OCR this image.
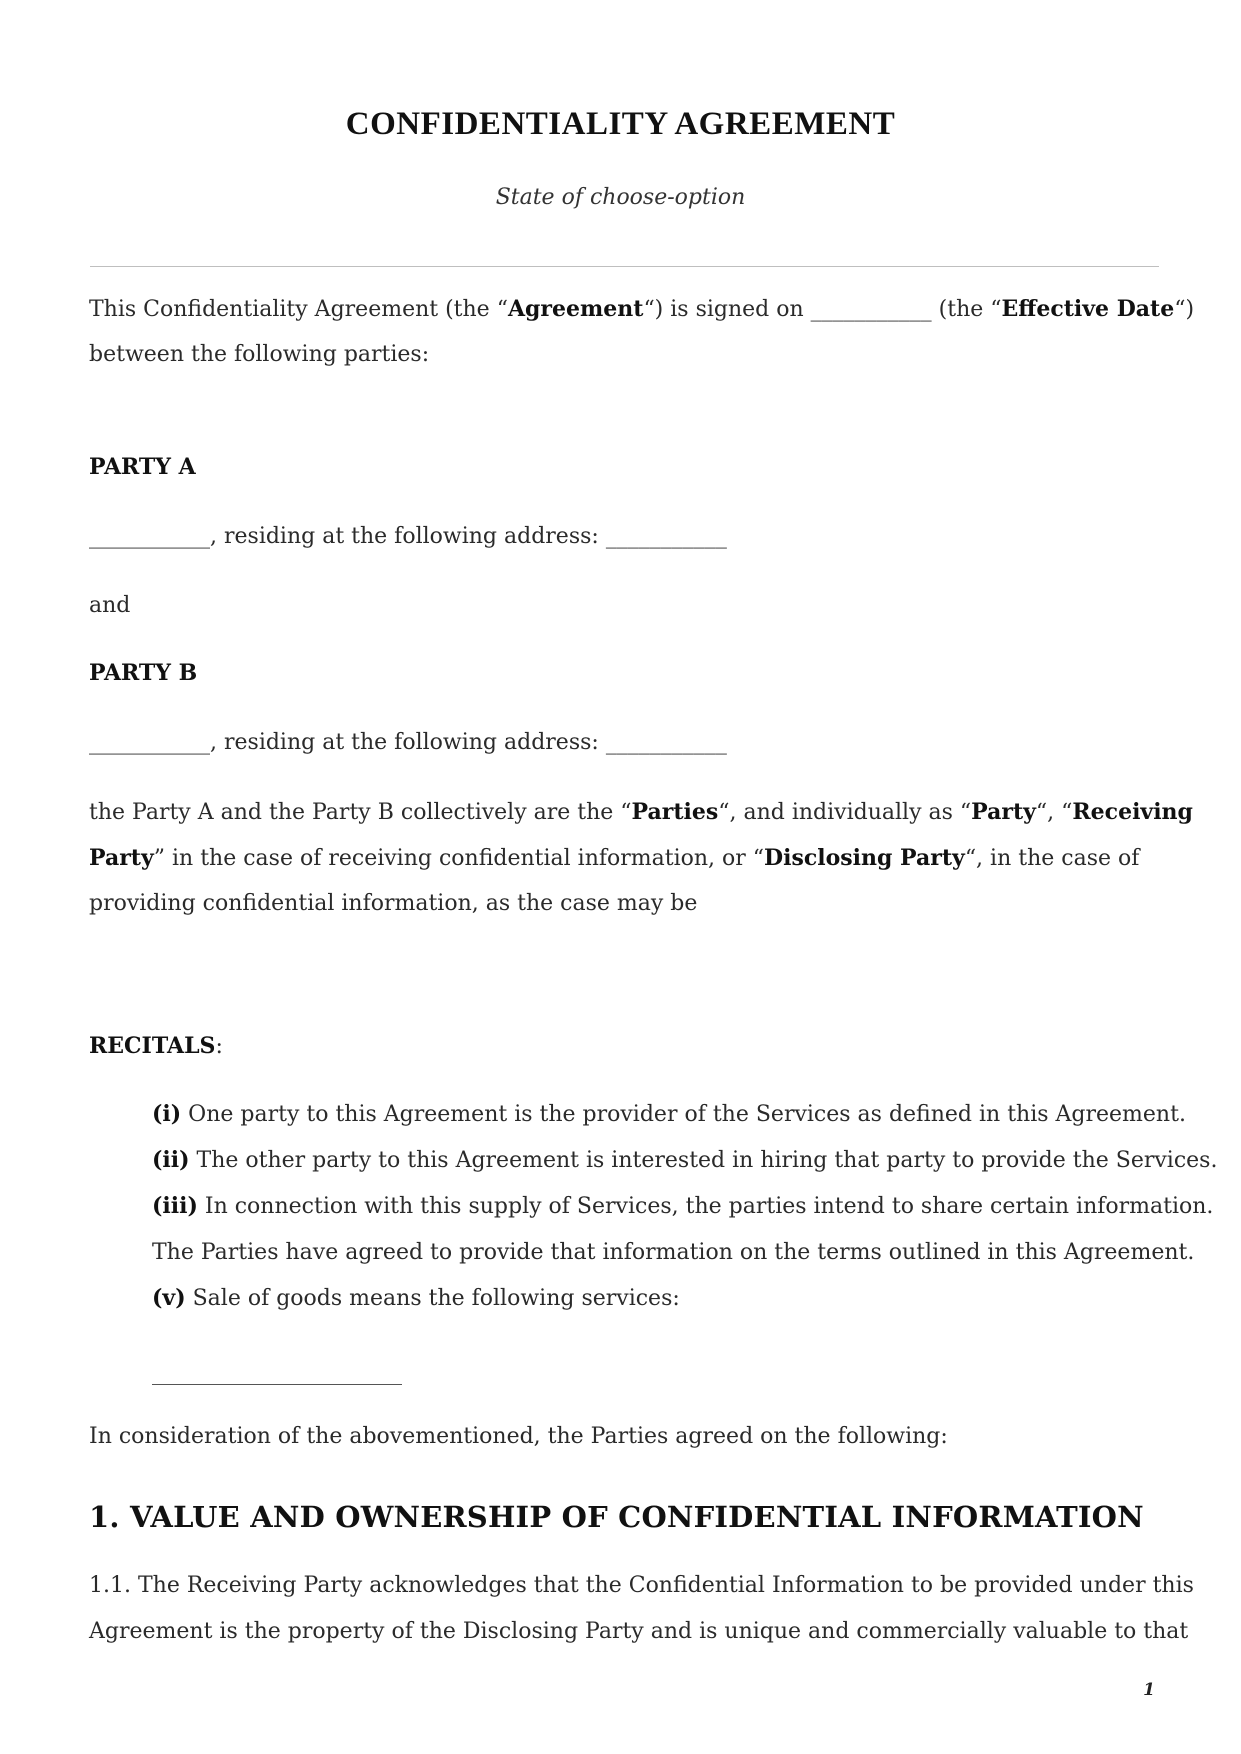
CONFIDENTIALITY AGREEMENT
State of choose-option
This Confidentiality Agreement (the “Agreement“) is signed on ___________ (the “Effective Date“)
between the following parties:
PARTY A
___________, residing at the following address: ___________
and
PARTY B
___________, residing at the following address: ___________
the Party A and the Party B collectively are the “Parties“, and individually as “Party“, “Receiving
Party” in the case of receiving confidential information, or “Disclosing Party“, in the case of
providing confidential information, as the case may be
RECITALS:
(i) One party to this Agreement is the provider of the Services as defined in this Agreement.
(ii) The other party to this Agreement is interested in hiring that party to provide the Services.
(iii) In connection with this supply of Services, the parties intend to share certain information.
The Parties have agreed to provide that information on the terms outlined in this Agreement.
(v) Sale of goods means the following services:
In consideration of the abovementioned, the Parties agreed on the following:
1. VALUE AND OWNERSHIP OF CONFIDENTIAL INFORMATION
1.1. The Receiving Party acknowledges that the Confidential Information to be provided under this
Agreement is the property of the Disclosing Party and is unique and commercially valuable to that
1
